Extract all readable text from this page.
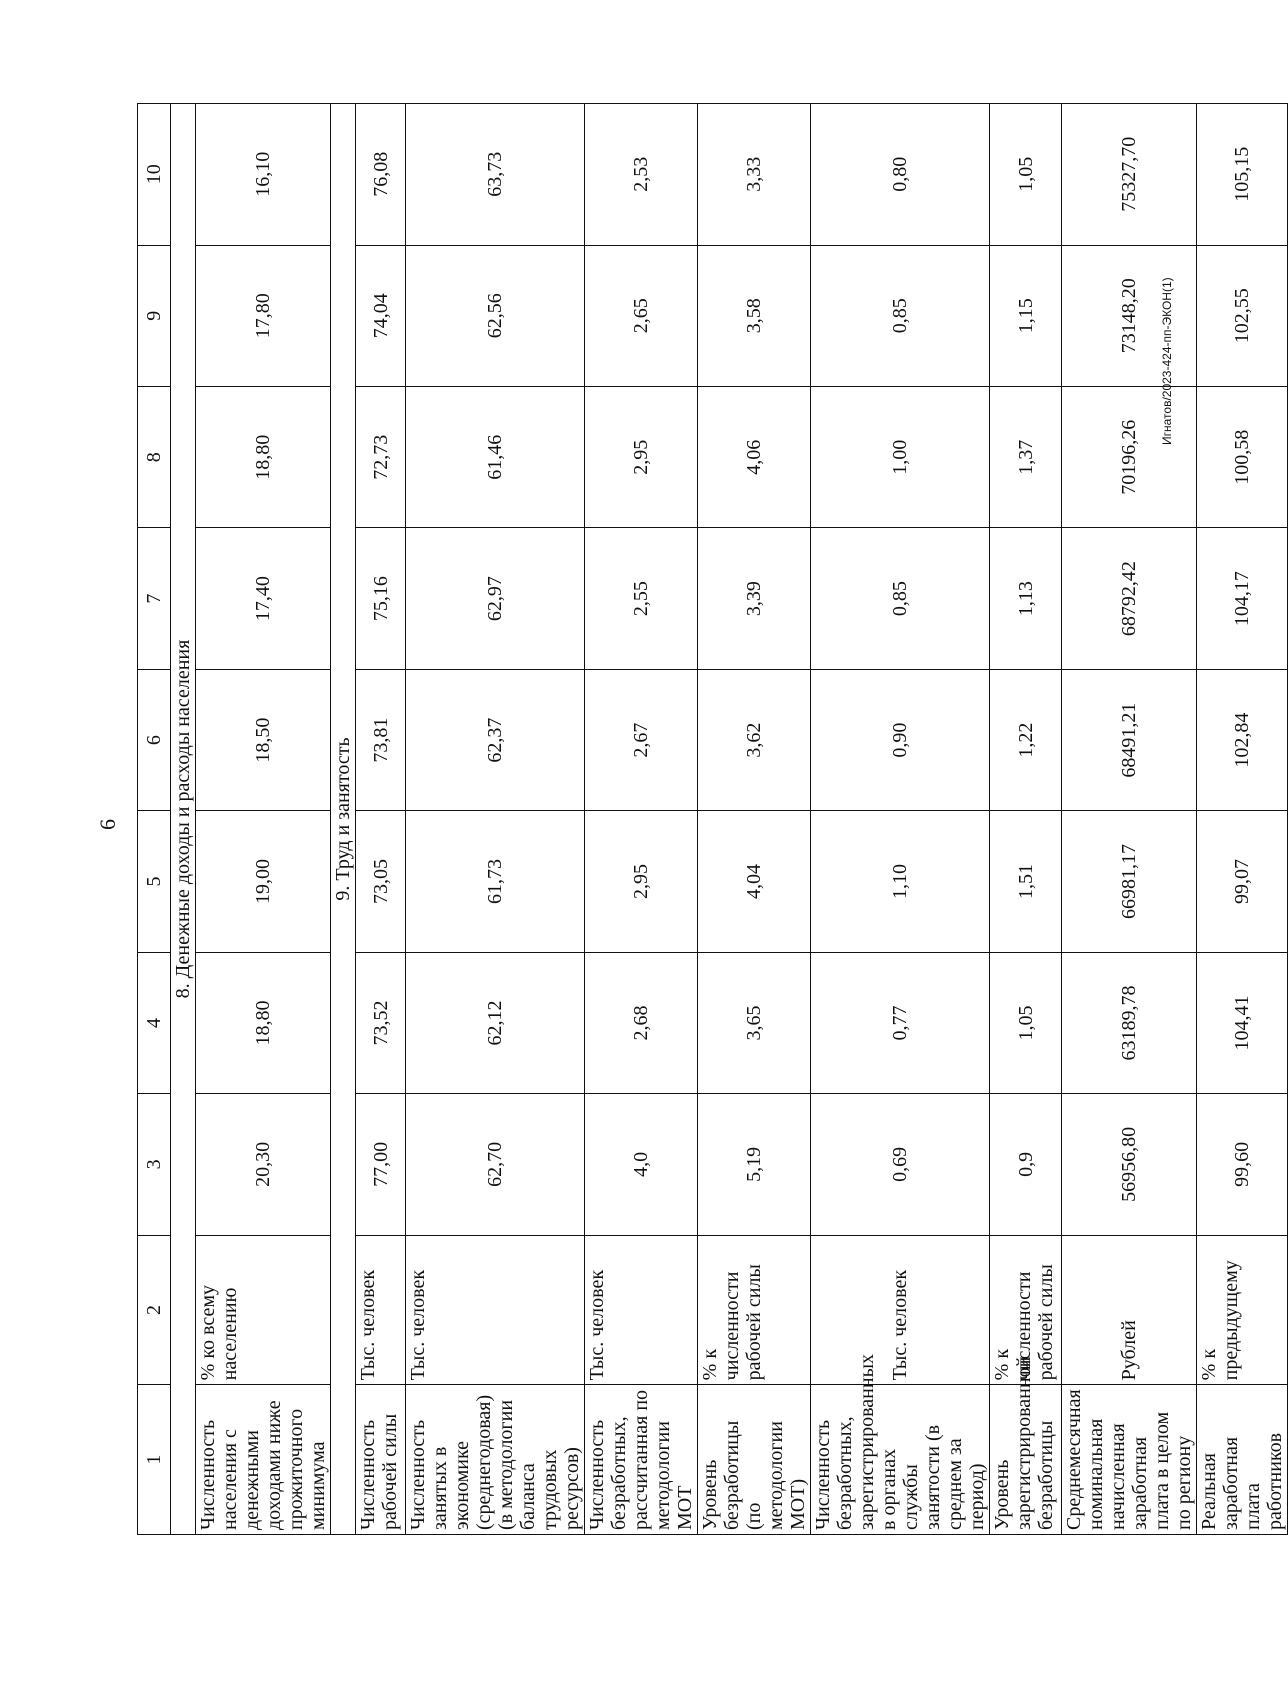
6
Игнатов/2023-424-пп-ЭКОН(1)
1	2	3	4	5	6	7	8	9	10
8. Денежные доходы и расходы населения									
Численность населения с денежными доходами ниже прожиточного минимума	% ко всему населению	20,30	18,80	19,00	18,50	17,40	18,80	17,80	16,10
9. Труд и занятость									
Численность рабочей силы	Тыс. человек	77,00	73,52	73,05	73,81	75,16	72,73	74,04	76,08
Численность занятых в экономике (среднегодовая) (в методологии баланса трудовых ресурсов)	Тыс. человек	62,70	62,12	61,73	62,37	62,97	61,46	62,56	63,73
Численность безработных, рассчитанная по методологии МОТ	Тыс. человек	4,0	2,68	2,95	2,67	2,55	2,95	2,65	2,53
Уровень безработицы (по методологии МОТ)	% к численности рабочей силы	5,19	3,65	4,04	3,62	3,39	4,06	3,58	3,33
Численность безработных, зарегистрированных в органах службы занятости (в среднем за период)	Тыс. человек	0,69	0,77	1,10	0,90	0,85	1,00	0,85	0,80
Уровень зарегистрированной безработицы	% к численности рабочей силы	0,9	1,05	1,51	1,22	1,13	1,37	1,15	1,05
Среднемесячная номинальная начисленная заработная плата в целом по региону	Рублей	56956,80	63189,78	66981,17	68491,21	68792,42	70196,26	73148,20	75327,70
Реальная заработная плата работников	% к предыдущему	99,60	104,41	99,07	102,84	104,17	100,58	102,55	105,15
